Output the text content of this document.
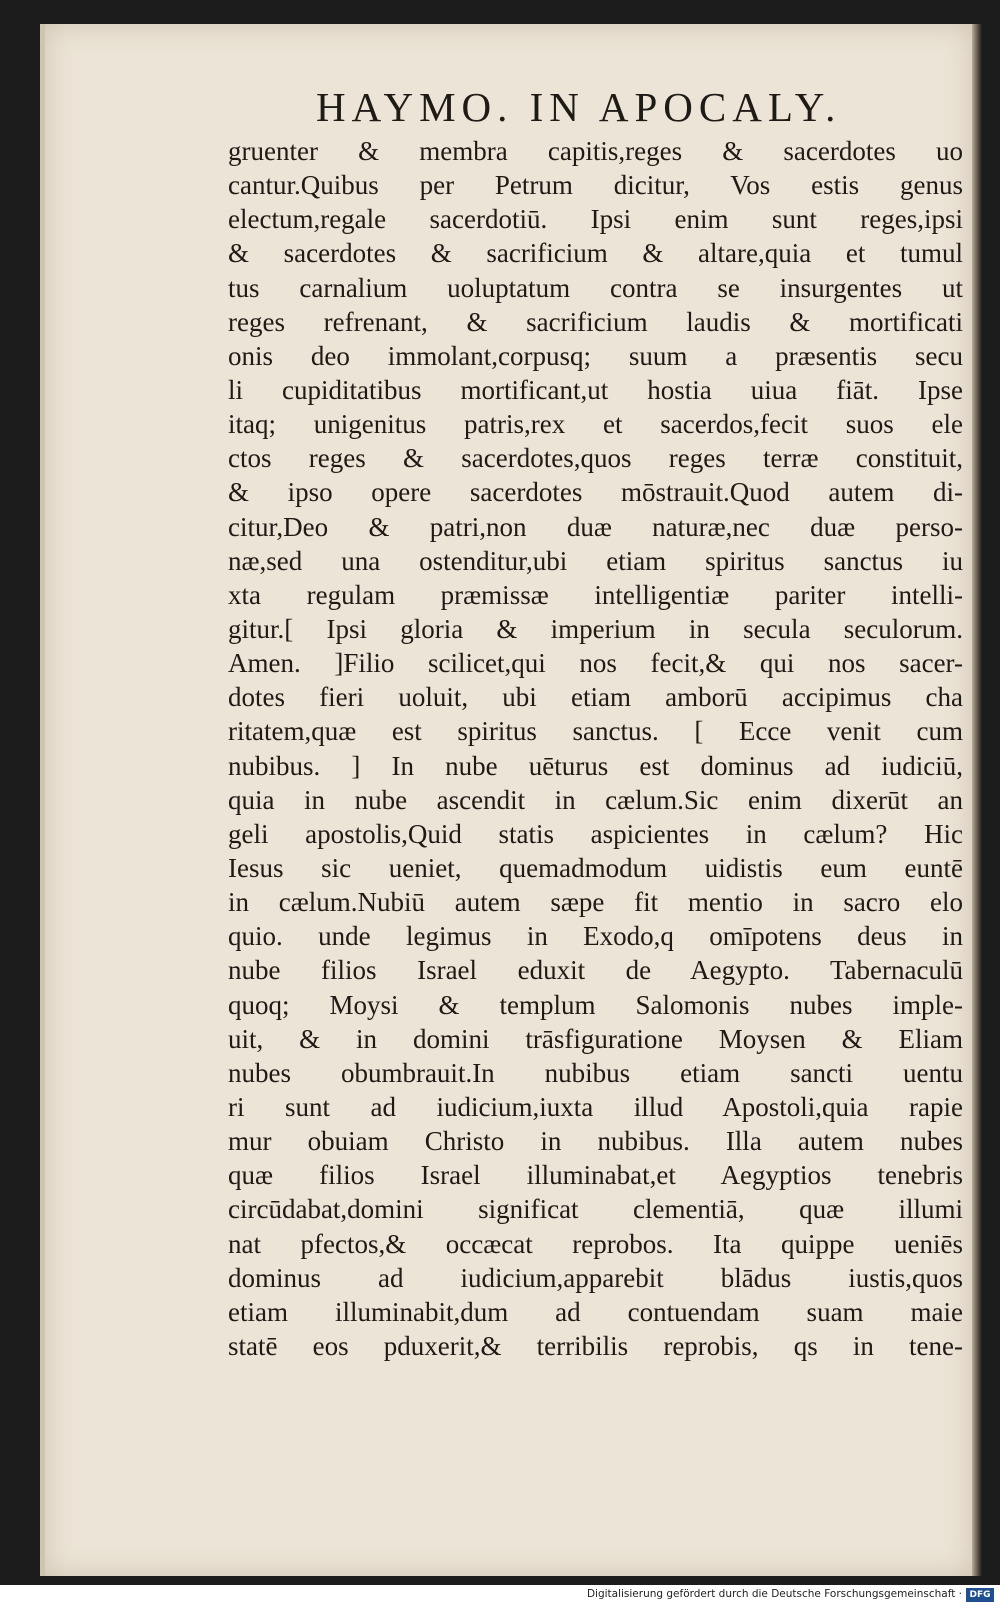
HAYMO. IN APOCALY.
gruenter & membra capitis,reges & sacerdotes uo
cantur.Quibus per Petrum dicitur, Vos estis genus
electum,regale sacerdotiū. Ipsi enim sunt reges,ipsi
& sacerdotes & sacrificium & altare,quia et tumul
tus carnalium uoluptatum contra se insurgentes ut
reges refrenant, & sacrificium laudis & mortificati
onis deo immolant,corpusq; suum a præsentis secu
li cupiditatibus mortificant,ut hostia uiua fiāt. Ipse
itaq; unigenitus patris,rex et sacerdos,fecit suos ele
ctos reges & sacerdotes,quos reges terræ constituit,
& ipso opere sacerdotes mōstrauit.Quod autem di-
citur,Deo & patri,non duæ naturæ,nec duæ perso-
næ,sed una ostenditur,ubi etiam spiritus sanctus iu
xta regulam præmissæ intelligentiæ pariter intelli-
gitur.[ Ipsi gloria & imperium in secula seculorum.
Amen. ]Filio scilicet,qui nos fecit,& qui nos sacer-
dotes fieri uoluit, ubi etiam amborū accipimus cha
ritatem,quæ est spiritus sanctus. [ Ecce venit cum
nubibus. ] In nube uēturus est dominus ad iudiciū,
quia in nube ascendit in cælum.Sic enim dixerūt an
geli apostolis,Quid statis aspicientes in cælum? Hic
Iesus sic ueniet, quemadmodum uidistis eum euntē
in cælum.Nubiū autem sæpe fit mentio in sacro elo
quio. unde legimus in Exodo,q omīpotens deus in
nube filios Israel eduxit de Aegypto. Tabernaculū
quoq; Moysi & templum Salomonis nubes imple-
uit, & in domini trāsfiguratione Moysen & Eliam
nubes obumbrauit.In nubibus etiam sancti uentu
ri sunt ad iudicium,iuxta illud Apostoli,quia rapie
mur obuiam Christo in nubibus. Illa autem nubes
quæ filios Israel illuminabat,et Aegyptios tenebris
circūdabat,domini significat clementiā, quæ illumi
nat pfectos,& occæcat reprobos. Ita quippe ueniēs
dominus ad iudicium,apparebit blādus iustis,quos
etiam illuminabit,dum ad contuendam suam maie
statē eos pduxerit,& terribilis reprobis, qs in tene-
Digitalisierung gefördert durch die Deutsche Forschungsgemeinschaft · DFG
